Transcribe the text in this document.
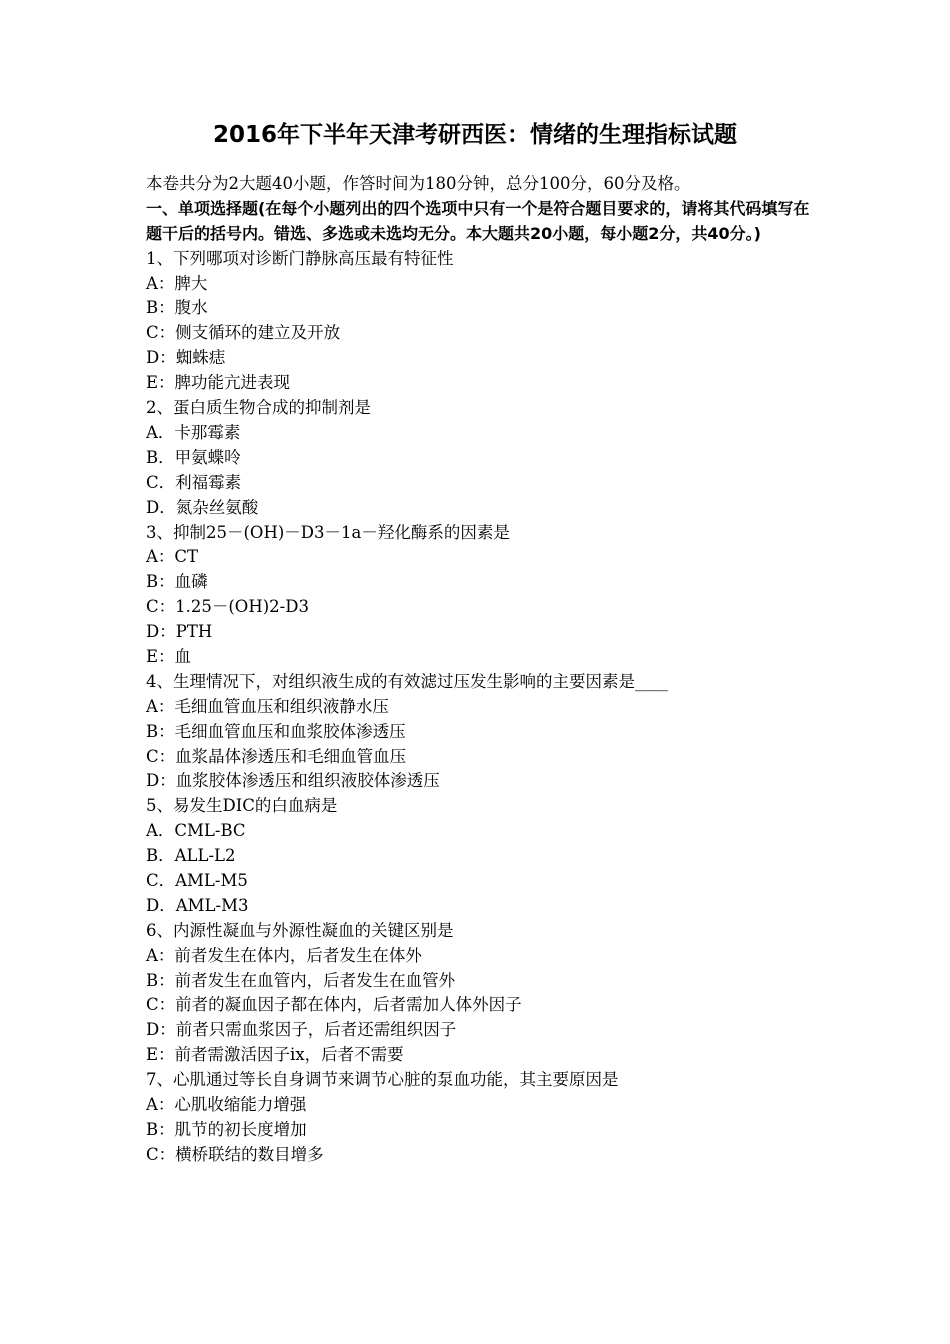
2016年下半年天津考研西医：情绪的生理指标试题
本卷共分为2大题40小题，作答时间为180分钟，总分100分，60分及格。
一、单项选择题(在每个小题列出的四个选项中只有一个是符合题目要求的，请将其代码填写在题干后的括号内。错选、多选或未选均无分。本大题共20小题，每小题2分，共40分。)
1、下列哪项对诊断门静脉高压最有特征性
A：脾大
B：腹水
C：侧支循环的建立及开放
D：蜘蛛痣
E：脾功能亢进表现
2、蛋白质生物合成的抑制剂是
A．卡那霉素
B．甲氨蝶呤
C．利福霉素
D．氮杂丝氨酸
3、抑制25－(OH)－D3－1a－羟化酶系的因素是
A：CT
B：血磷
C：1.25－(OH)2-D3
D：PTH
E：血
4、生理情况下，对组织液生成的有效滤过压发生影响的主要因素是____
A：毛细血管血压和组织液静水压
B：毛细血管血压和血浆胶体渗透压
C：血浆晶体渗透压和毛细血管血压
D：血浆胶体渗透压和组织液胶体渗透压
5、易发生DIC的白血病是
A．CML-BC
B．ALL-L2
C．AML-M5
D．AML-M3
6、内源性凝血与外源性凝血的关键区别是
A：前者发生在体内，后者发生在体外
B：前者发生在血管内，后者发生在血管外
C：前者的凝血因子都在体内，后者需加人体外因子
D：前者只需血浆因子，后者还需组织因子
E：前者需激活因子ix，后者不需要
7、心肌通过等长自身调节来调节心脏的泵血功能，其主要原因是
A：心肌收缩能力增强
B：肌节的初长度增加
C：横桥联结的数目增多
